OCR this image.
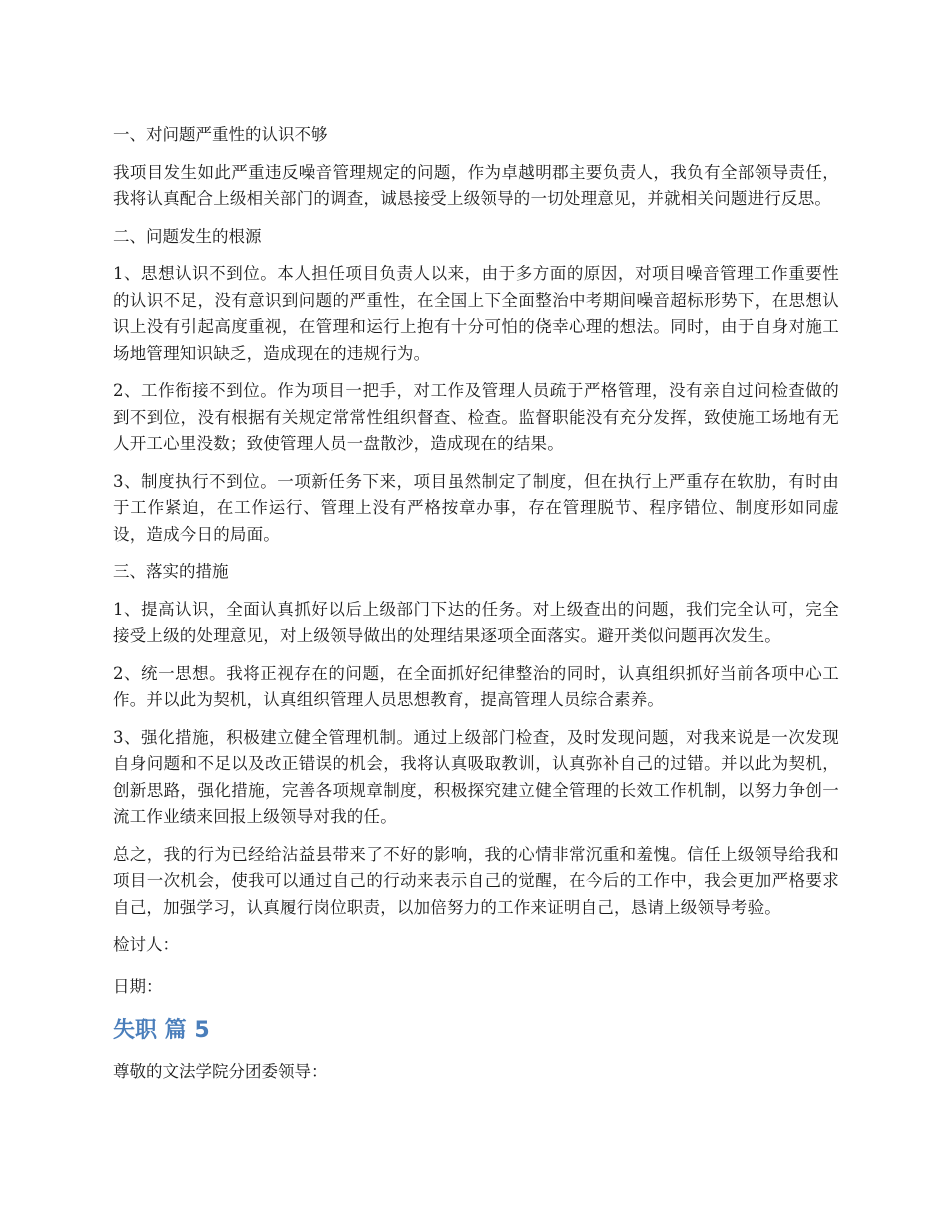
一、对问题严重性的认识不够

我项目发生如此严重违反噪音管理规定的问题，作为卓越明郡主要负责人，我负有全部领导责任，我将认真配合上级相关部门的调查，诚恳接受上级领导的一切处理意见，并就相关问题进行反思。

二、问题发生的根源

1、思想认识不到位。本人担任项目负责人以来，由于多方面的原因，对项目噪音管理工作重要性的认识不足，没有意识到问题的严重性，在全国上下全面整治中考期间噪音超标形势下，在思想认识上没有引起高度重视，在管理和运行上抱有十分可怕的侥幸心理的想法。同时，由于自身对施工场地管理知识缺乏，造成现在的违规行为。

2、工作衔接不到位。作为项目一把手，对工作及管理人员疏于严格管理，没有亲自过问检查做的到不到位，没有根据有关规定常常性组织督查、检查。监督职能没有充分发挥，致使施工场地有无人开工心里没数；致使管理人员一盘散沙，造成现在的结果。

3、制度执行不到位。一项新任务下来，项目虽然制定了制度，但在执行上严重存在软肋，有时由于工作紧迫，在工作运行、管理上没有严格按章办事，存在管理脱节、程序错位、制度形如同虚设，造成今日的局面。

三、落实的措施

1、提高认识，全面认真抓好以后上级部门下达的任务。对上级查出的问题，我们完全认可，完全接受上级的处理意见，对上级领导做出的处理结果逐项全面落实。避开类似问题再次发生。

2、统一思想。我将正视存在的问题，在全面抓好纪律整治的同时，认真组织抓好当前各项中心工作。并以此为契机，认真组织管理人员思想教育，提高管理人员综合素养。

3、强化措施，积极建立健全管理机制。通过上级部门检查，及时发现问题，对我来说是一次发现自身问题和不足以及改正错误的机会，我将认真吸取教训，认真弥补自己的过错。并以此为契机，创新思路，强化措施，完善各项规章制度，积极探究建立健全管理的长效工作机制，以努力争创一流工作业绩来回报上级领导对我的任。

总之，我的行为已经给沾益县带来了不好的影响，我的心情非常沉重和羞愧。信任上级领导给我和项目一次机会，使我可以通过自己的行动来表示自己的觉醒，在今后的工作中，我会更加严格要求自己，加强学习，认真履行岗位职责，以加倍努力的工作来证明自己，恳请上级领导考验。

检讨人：

日期：

失职 篇 5

尊敬的文法学院分团委领导：
